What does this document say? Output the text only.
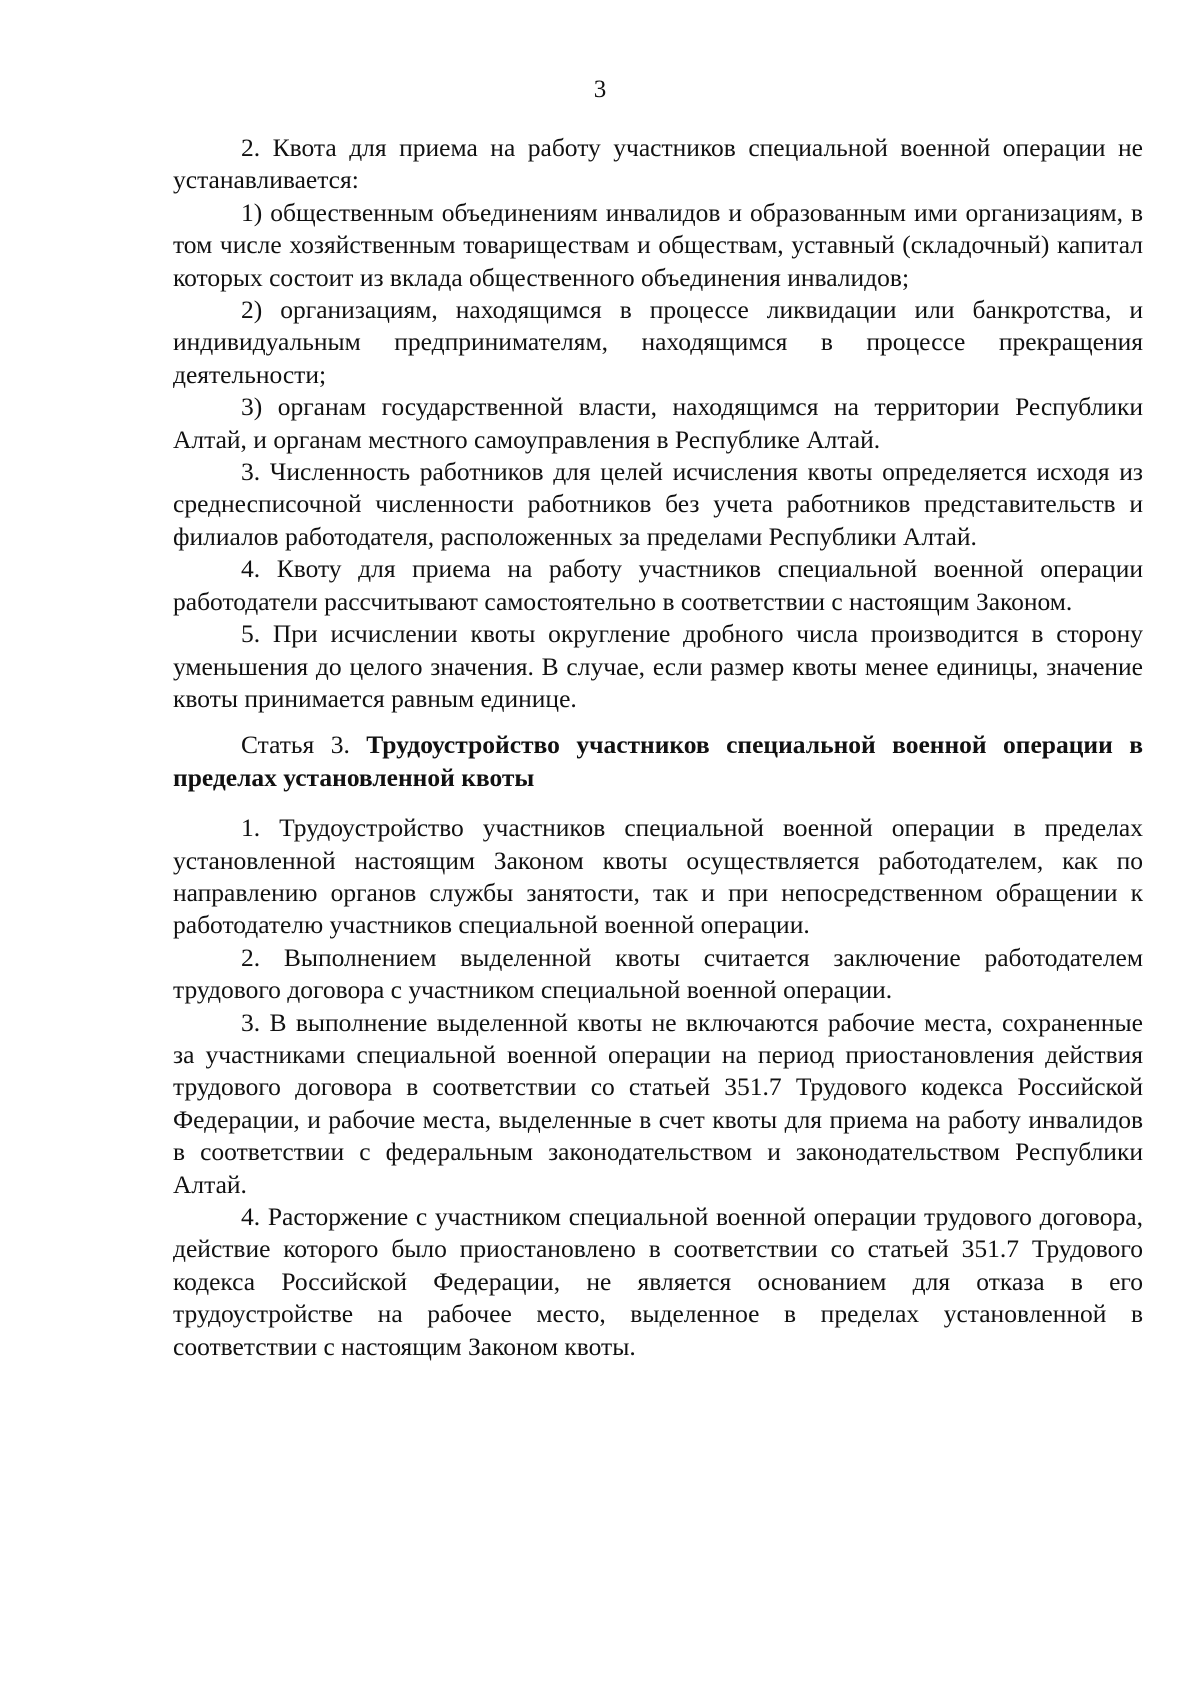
3

2. Квота для приема на работу участников специальной военной операции не устанавливается:

1) общественным объединениям инвалидов и образованным ими организациям, в том числе хозяйственным товариществам и обществам, уставный (складочный) капитал которых состоит из вклада общественного объединения инвалидов;

2) организациям, находящимся в процессе ликвидации или банкротства, и индивидуальным предпринимателям, находящимся в процессе прекращения деятельности;

3) органам государственной власти, находящимся на территории Республики Алтай, и органам местного самоуправления в Республике Алтай.

3. Численность работников для целей исчисления квоты определяется исходя из среднесписочной численности работников без учета работников представительств и филиалов работодателя, расположенных за пределами Республики Алтай.

4. Квоту для приема на работу участников специальной военной операции работодатели рассчитывают самостоятельно в соответствии с настоящим Законом.

5. При исчислении квоты округление дробного числа производится в сторону уменьшения до целого значения. В случае, если размер квоты менее единицы, значение квоты принимается равным единице.

Статья 3. Трудоустройство участников специальной военной операции в пределах установленной квоты

1. Трудоустройство участников специальной военной операции в пределах установленной настоящим Законом квоты осуществляется работодателем, как по направлению органов службы занятости, так и при непосредственном обращении к работодателю участников специальной военной операции.

2. Выполнением выделенной квоты считается заключение работодателем трудового договора с участником специальной военной операции.

3. В выполнение выделенной квоты не включаются рабочие места, сохраненные за участниками специальной военной операции на период приостановления действия трудового договора в соответствии со статьей 351.7 Трудового кодекса Российской Федерации, и рабочие места, выделенные в счет квоты для приема на работу инвалидов в соответствии с федеральным законодательством и законодательством Республики Алтай.

4. Расторжение с участником специальной военной операции трудового договора, действие которого было приостановлено в соответствии со статьей 351.7 Трудового кодекса Российской Федерации, не является основанием для отказа в его трудоустройстве на рабочее место, выделенное в пределах установленной в соответствии с настоящим Законом квоты.
